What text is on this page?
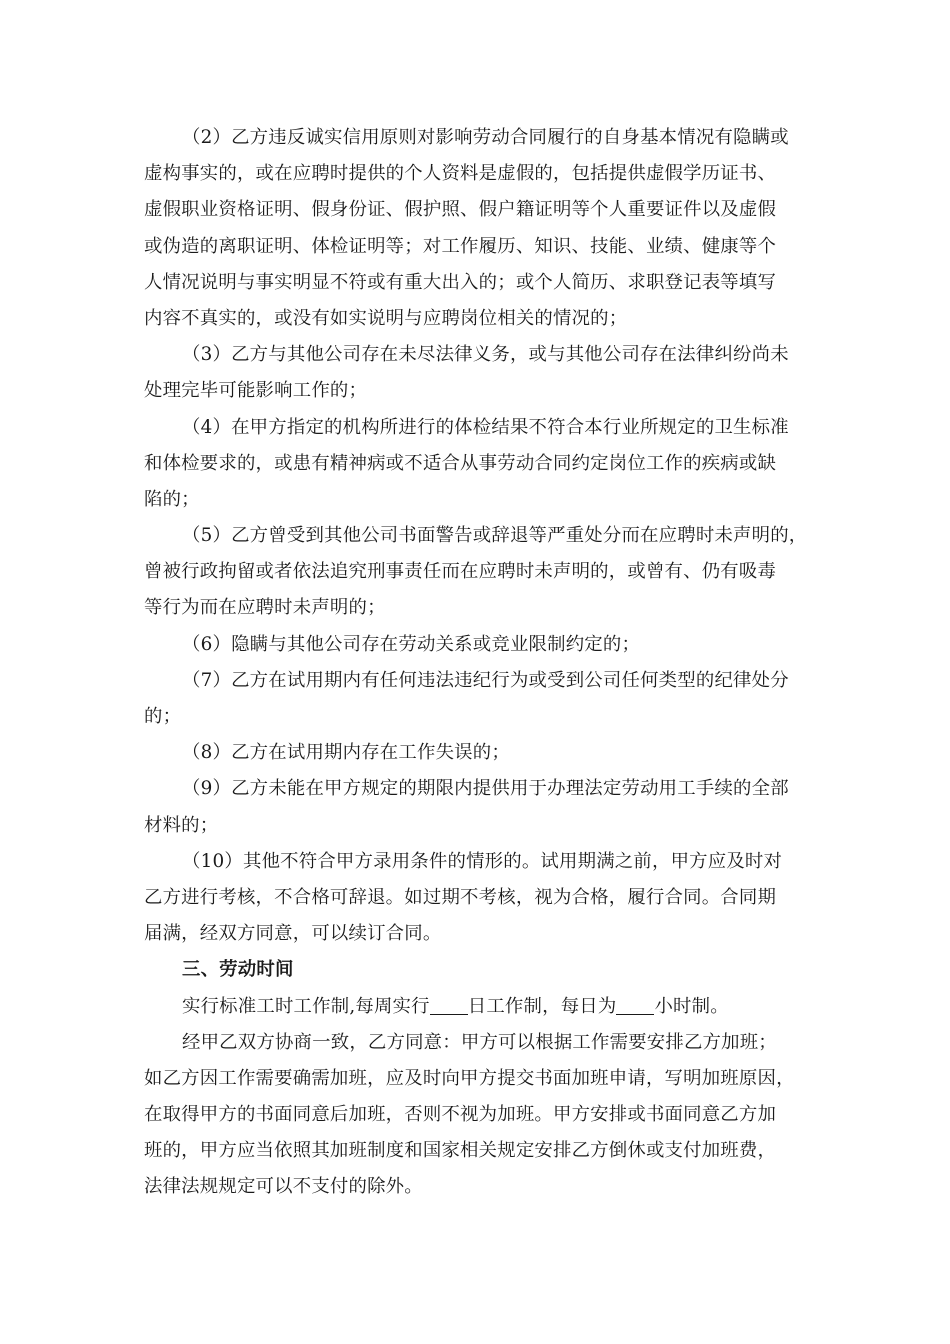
（2）乙方违反诚实信用原则对影响劳动合同履行的自身基本情况有隐瞒或
虚构事实的，或在应聘时提供的个人资料是虚假的，包括提供虚假学历证书、
虚假职业资格证明、假身份证、假护照、假户籍证明等个人重要证件以及虚假
或伪造的离职证明、体检证明等；对工作履历、知识、技能、业绩、健康等个
人情况说明与事实明显不符或有重大出入的；或个人简历、求职登记表等填写
内容不真实的，或没有如实说明与应聘岗位相关的情况的；
（3）乙方与其他公司存在未尽法律义务，或与其他公司存在法律纠纷尚未
处理完毕可能影响工作的；
（4）在甲方指定的机构所进行的体检结果不符合本行业所规定的卫生标准
和体检要求的，或患有精神病或不适合从事劳动合同约定岗位工作的疾病或缺
陷的；
（5）乙方曾受到其他公司书面警告或辞退等严重处分而在应聘时未声明的，
曾被行政拘留或者依法追究刑事责任而在应聘时未声明的，或曾有、仍有吸毒
等行为而在应聘时未声明的；
（6）隐瞒与其他公司存在劳动关系或竞业限制约定的；
（7）乙方在试用期内有任何违法违纪行为或受到公司任何类型的纪律处分
的；
（8）乙方在试用期内存在工作失误的；
（9）乙方未能在甲方规定的期限内提供用于办理法定劳动用工手续的全部
材料的；
（10）其他不符合甲方录用条件的情形的。试用期满之前，甲方应及时对
乙方进行考核，不合格可辞退。如过期不考核，视为合格，履行合同。合同期
届满，经双方同意，可以续订合同。
三、劳动时间
实行标准工时工作制,每周实行 日工作制，每日为 小时制。
经甲乙双方协商一致，乙方同意：甲方可以根据工作需要安排乙方加班；
如乙方因工作需要确需加班，应及时向甲方提交书面加班申请，写明加班原因，
在取得甲方的书面同意后加班，否则不视为加班。甲方安排或书面同意乙方加
班的，甲方应当依照其加班制度和国家相关规定安排乙方倒休或支付加班费，
法律法规规定可以不支付的除外。
